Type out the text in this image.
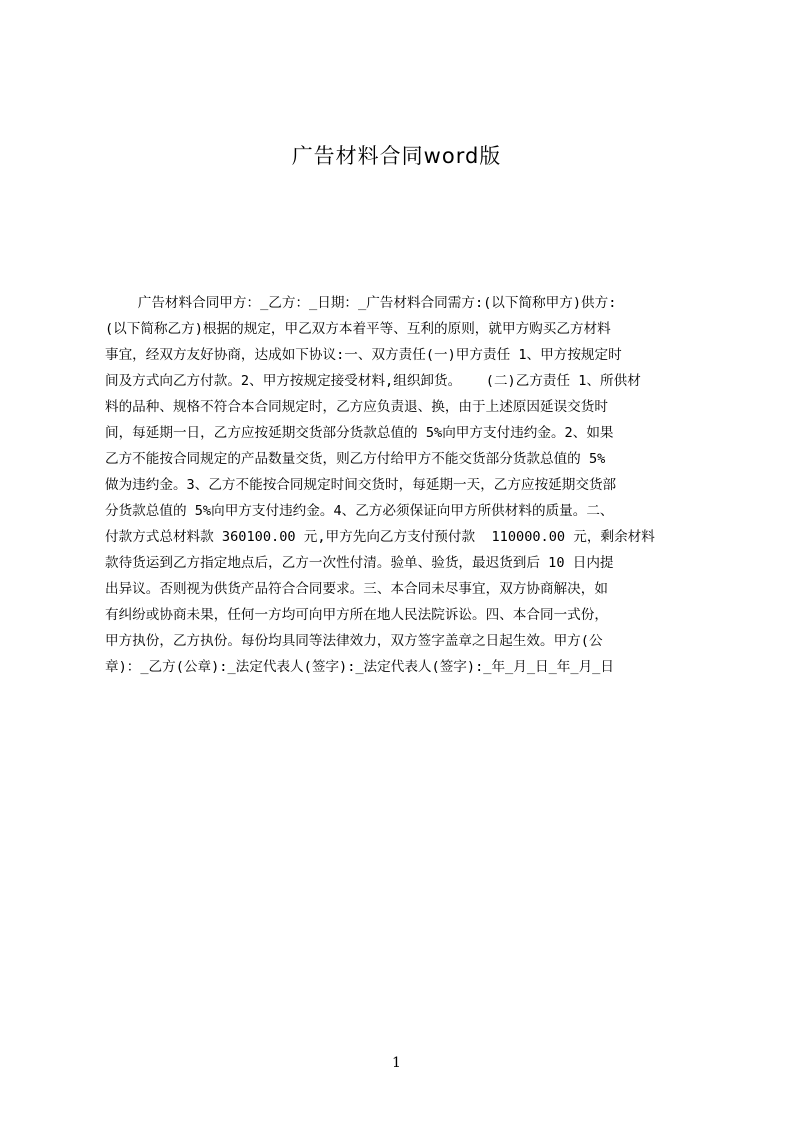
广告材料合同word版
广告材料合同甲方：_乙方：_日期：_广告材料合同需方:(以下简称甲方)供方:
(以下简称乙方)根据的规定，甲乙双方本着平等、互利的原则，就甲方购买乙方材料
事宜，经双方友好协商，达成如下协议:一、双方责任(一)甲方责任 1、甲方按规定时
间及方式向乙方付款。2、甲方按规定接受材料,组织卸货。   (二)乙方责任 1、所供材
料的品种、规格不符合本合同规定时，乙方应负责退、换，由于上述原因延误交货时
间，每延期一日，乙方应按延期交货部分货款总值的 5%向甲方支付违约金。2、如果
乙方不能按合同规定的产品数量交货，则乙方付给甲方不能交货部分货款总值的 5%
做为违约金。3、乙方不能按合同规定时间交货时，每延期一天，乙方应按延期交货部
分货款总值的 5%向甲方支付违约金。4、乙方必须保证向甲方所供材料的质量。二、
付款方式总材料款 360100.00 元,甲方先向乙方支付预付款  110000.00 元，剩余材料
款待货运到乙方指定地点后，乙方一次性付清。验单、验货，最迟货到后 10 日内提
出异议。否则视为供货产品符合合同要求。三、本合同未尽事宜，双方协商解决，如
有纠纷或协商未果，任何一方均可向甲方所在地人民法院诉讼。四、本合同一式份，
甲方执份，乙方执份。每份均具同等法律效力，双方签字盖章之日起生效。甲方(公
章)：_乙方(公章):_法定代表人(签字):_法定代表人(签字):_年_月_日_年_月_日
1
